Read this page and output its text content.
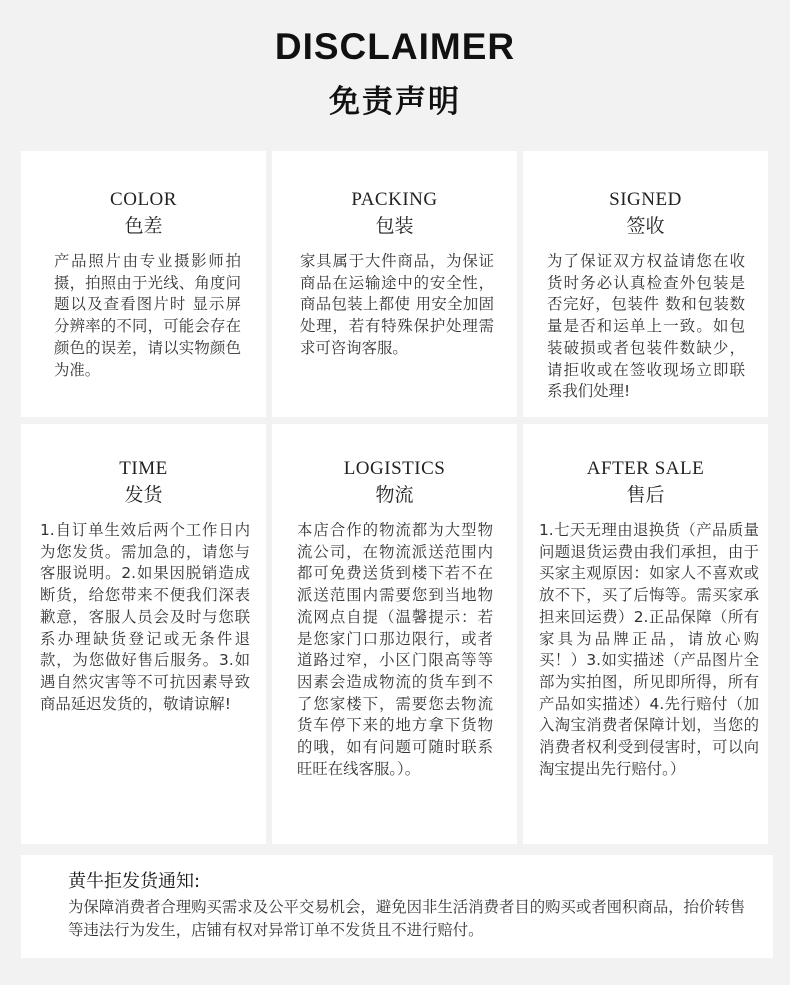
DISCLAIMER
免责声明
COLOR
色差
产品照片由专业摄影师拍摄，拍照由于光线、角度问题以及查看图片时 显示屏分辨率的不同，可能会存在颜色的误差，请以实物颜色为准。
PACKING
包装
家具属于大件商品，为保证商品在运输途中的安全性，商品包装上都使 用安全加固处理，若有特殊保护处理需求可咨询客服。
SIGNED
签收
为了保证双方权益请您在收货时务必认真检查外包装是否完好，包装件 数和包装数量是否和运单上一致。如包装破损或者包装件数缺少，请拒收或在签收现场立即联系我们处理!
TIME
发货
1.自订单生效后两个工作日内为您发货。需加急的，请您与客服说明。2.如果因脱销造成断货，给您带来不便我们深表歉意，客服人员会及时与您联系办理缺货登记或无条件退款，为您做好售后服务。3.如遇自然灾害等不可抗因素导致商品延迟发货的，敬请谅解!
LOGISTICS
物流
本店合作的物流都为大型物流公司，在物流派送范围内都可免费送货到楼下若不在派送范围内需要您到当地物流网点自提（温馨提示：若是您家门口那边限行，或者道路过窄，小区门限高等等因素会造成物流的货车到不了您家楼下，需要您去物流货车停下来的地方拿下货物的哦，如有问题可随时联系旺旺在线客服。）。
AFTER SALE
售后
1.七天无理由退换货（产品质量问题退货运费由我们承担，由于买家主观原因：如家人不喜欢或放不下，买了后悔等。需买家承担来回运费）2.正品保障（所有家具为品牌正品，请放心购买！）3.如实描述（产品图片全部为实拍图，所见即所得，所有产品如实描述）4.先行赔付（加入淘宝消费者保障计划，当您的消费者权利受到侵害时，可以向淘宝提出先行赔付。）
黄牛拒发货通知:
为保障消费者合理购买需求及公平交易机会，避免因非生活消费者目的购买或者囤积商品，抬价转售等违法行为发生，店铺有权对异常订单不发货且不进行赔付。
